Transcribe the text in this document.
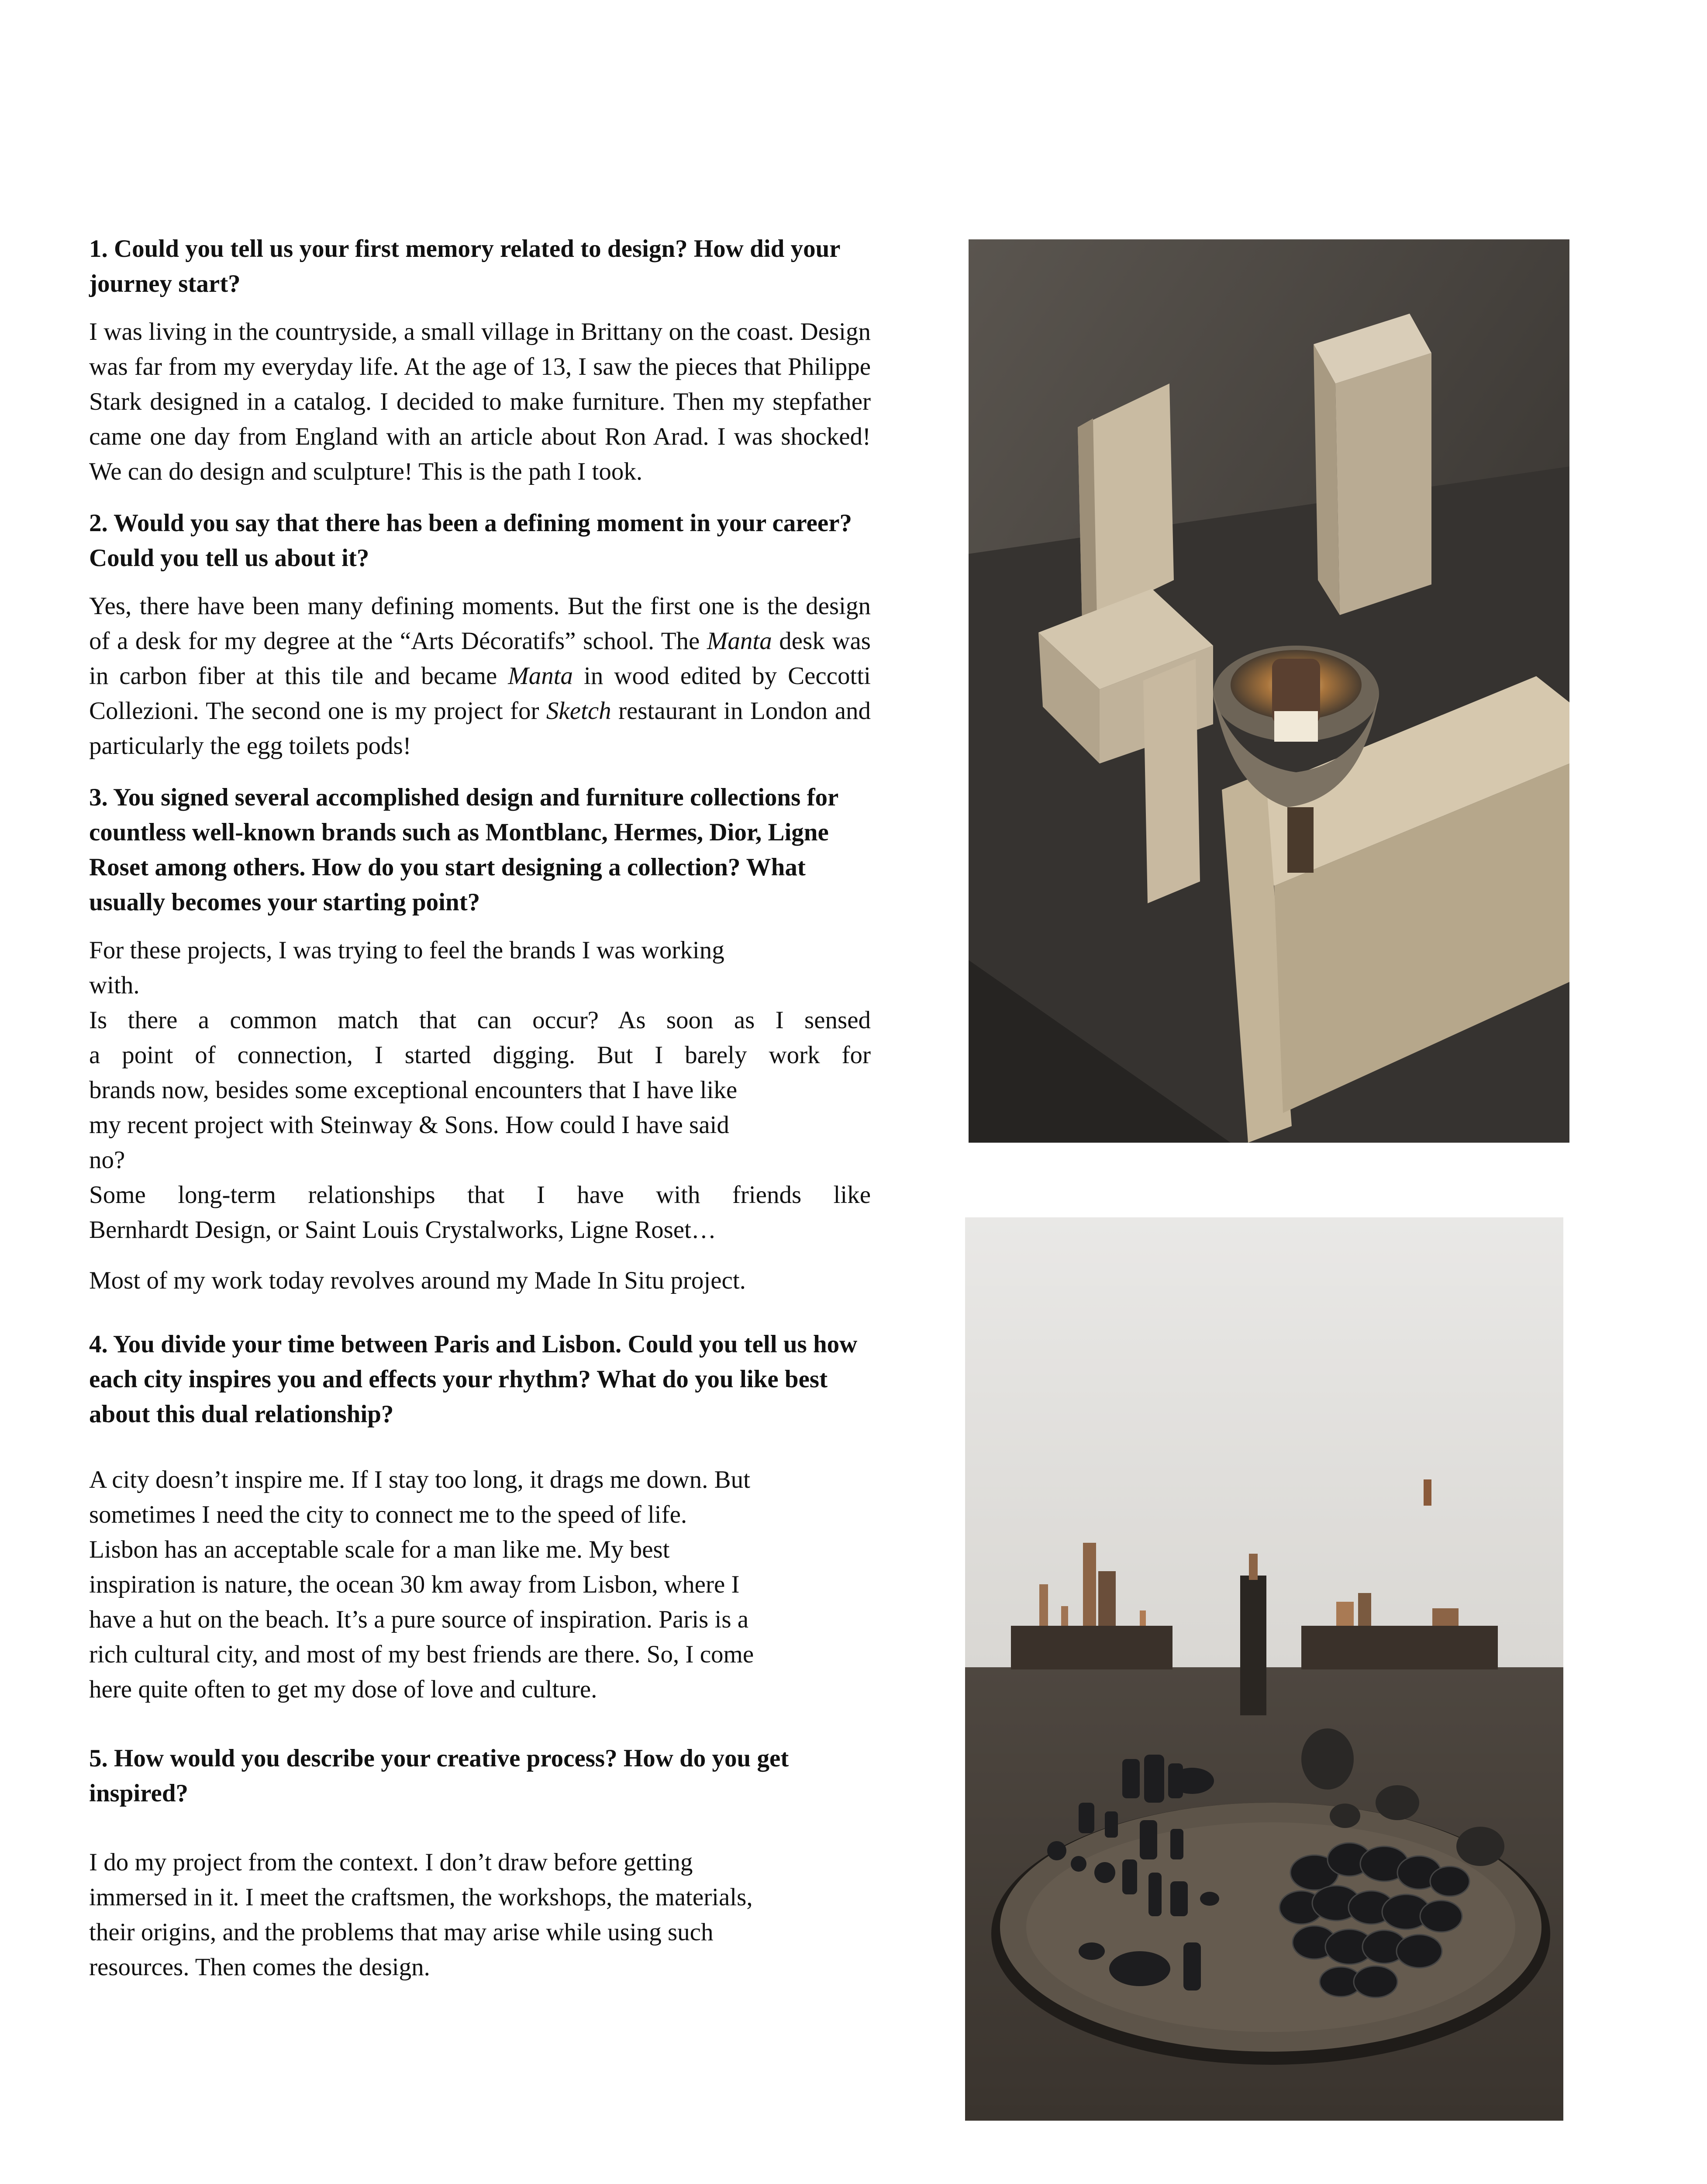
1. Could you tell us your first memory related to design? How did your journey start?

I was living in the countryside, a small village in Brittany on the coast. Design was far from my everyday life. At the age of 13, I saw the pieces that Philippe Stark designed in a catalog. I decided to make furniture. Then my stepfather came one day from England with an article about Ron Arad. I was shocked! We can do design and sculpture! This is the path I took.

2. Would you say that there has been a defining moment in your career? Could you tell us about it?

Yes, there have been many defining moments. But the first one is the design of a desk for my degree at the “Arts Décoratifs” school. The Manta desk was in carbon fiber at this tile and became Manta in wood edited by Ceccotti Collezioni. The second one is my project for Sketch restaurant in London and particularly the egg toilets pods!

3. You signed several accomplished design and furniture collections for countless well-known brands such as Montblanc, Hermes, Dior, Ligne Roset among others. How do you start designing a collection? What usually becomes your starting point?

For these projects, I was trying to feel the brands I was working
with.
Is there a common match that can occur? As soon as I sensed
a point of connection, I started digging. But I barely work for
brands now, besides some exceptional encounters that I have like
my recent project with Steinway & Sons. How could I have said
no?
Some long-term relationships that I have with friends like
Bernhardt Design, or Saint Louis Crystalworks, Ligne Roset…

Most of my work today revolves around my Made In Situ project.

4. You divide your time between Paris and Lisbon. Could you tell us how each city inspires you and effects your rhythm? What do you like best about this dual relationship?

A city doesn’t inspire me. If I stay too long, it drags me down. But
sometimes I need the city to connect me to the speed of life.
Lisbon has an acceptable scale for a man like me. My best
inspiration is nature, the ocean 30 km away from Lisbon, where I
have a hut on the beach. It’s a pure source of inspiration. Paris is a
rich cultural city, and most of my best friends are there. So, I come
here quite often to get my dose of love and culture.

5. How would you describe your creative process? How do you get inspired?

I do my project from the context. I don’t draw before getting
immersed in it. I meet the craftsmen, the workshops, the materials,
their origins, and the problems that may arise while using such
resources. Then comes the design.
